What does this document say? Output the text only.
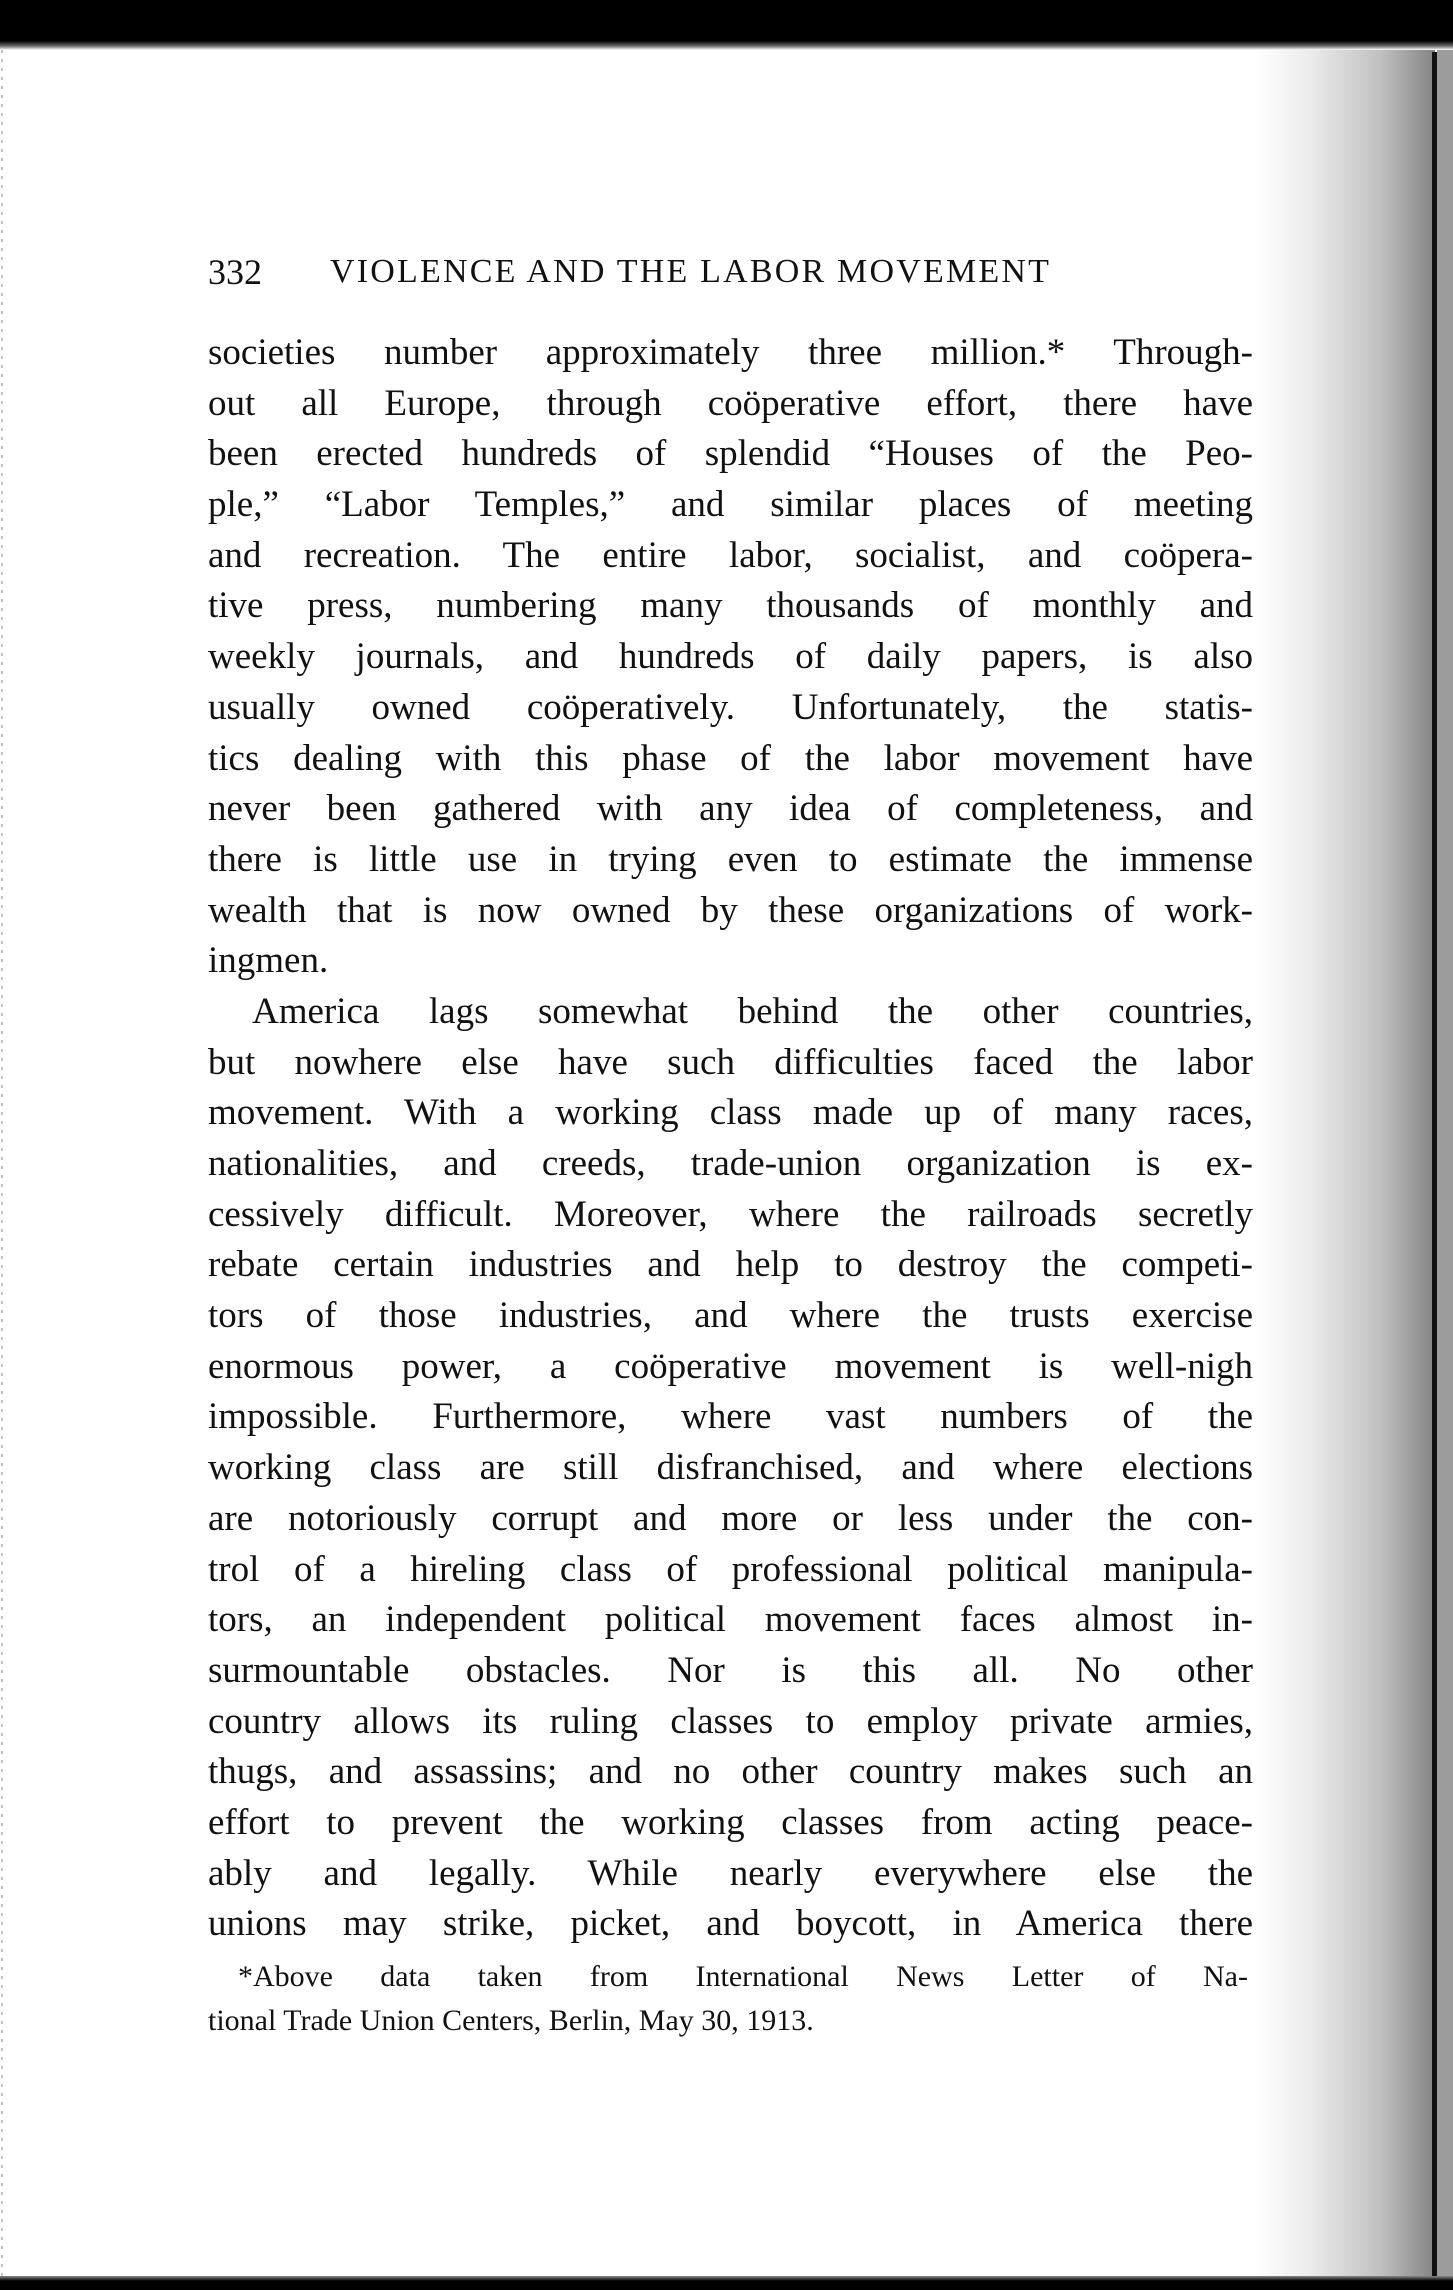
332 VIOLENCE AND THE LABOR MOVEMENT
societies number approximately three million.* Through-
out all Europe, through coöperative effort, there have
been erected hundreds of splendid “Houses of the Peo-
ple,” “Labor Temples,” and similar places of meeting
and recreation. The entire labor, socialist, and coöpera-
tive press, numbering many thousands of monthly and
weekly journals, and hundreds of daily papers, is also
usually owned coöperatively. Unfortunately, the statis-
tics dealing with this phase of the labor movement have
never been gathered with any idea of completeness, and
there is little use in trying even to estimate the immense
wealth that is now owned by these organizations of work-
ingmen.
America lags somewhat behind the other countries,
but nowhere else have such difficulties faced the labor
movement. With a working class made up of many races,
nationalities, and creeds, trade-union organization is ex-
cessively difficult. Moreover, where the railroads secretly
rebate certain industries and help to destroy the competi-
tors of those industries, and where the trusts exercise
enormous power, a coöperative movement is well-nigh
impossible. Furthermore, where vast numbers of the
working class are still disfranchised, and where elections
are notoriously corrupt and more or less under the con-
trol of a hireling class of professional political manipula-
tors, an independent political movement faces almost in-
surmountable obstacles. Nor is this all. No other
country allows its ruling classes to employ private armies,
thugs, and assassins; and no other country makes such an
effort to prevent the working classes from acting peace-
ably and legally. While nearly everywhere else the
unions may strike, picket, and boycott, in America there
*Above data taken from International News Letter of Na-
tional Trade Union Centers, Berlin, May 30, 1913.
